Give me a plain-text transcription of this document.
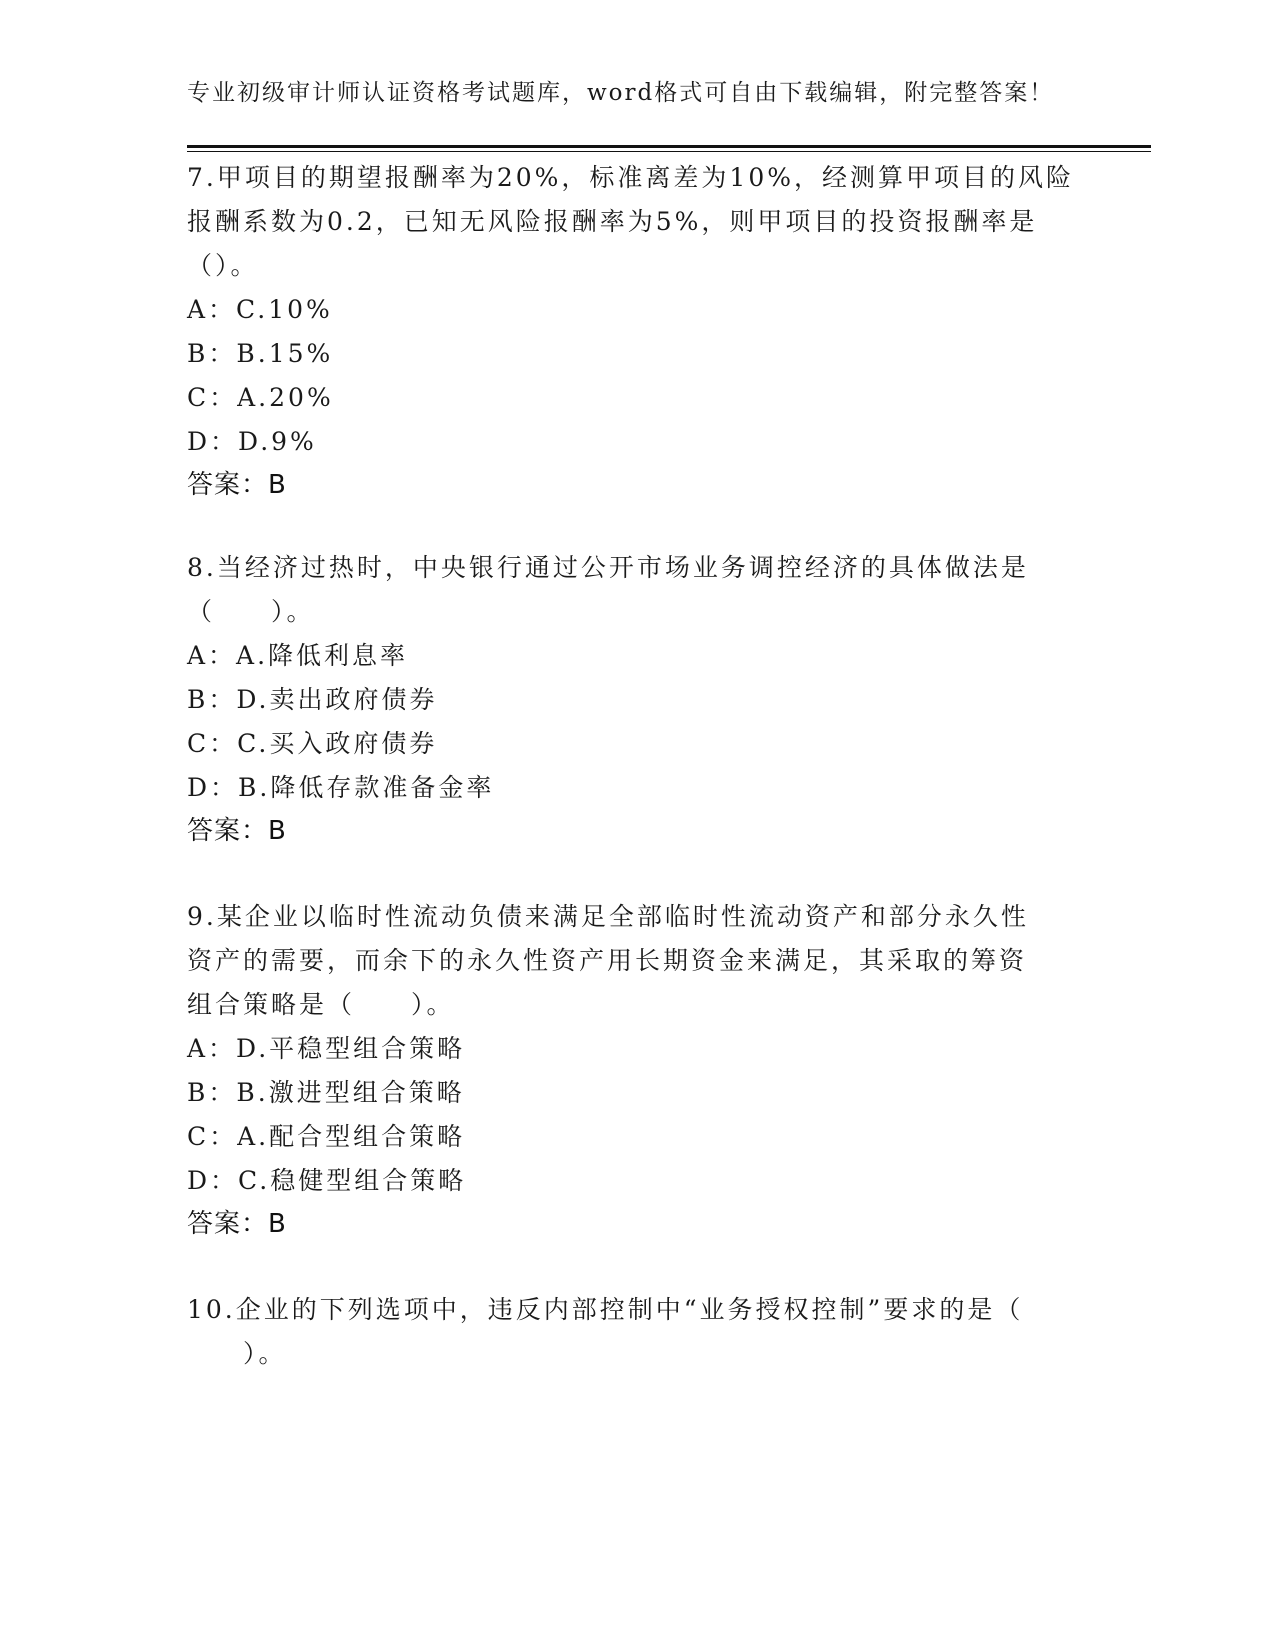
专业初级审计师认证资格考试题库，word格式可自由下载编辑，附完整答案！
7.甲项目的期望报酬率为20%，标准离差为10%，经测算甲项目的风险
报酬系数为0.2，已知无风险报酬率为5%，则甲项目的投资报酬率是
（）。
A：C.10%
B：B.15%
C：A.20%
D：D.9%
答案：B
8.当经济过热时，中央银行通过公开市场业务调控经济的具体做法是
（　　）。
A：A.降低利息率
B：D.卖出政府债券
C：C.买入政府债券
D：B.降低存款准备金率
答案：B
9.某企业以临时性流动负债来满足全部临时性流动资产和部分永久性
资产的需要，而余下的永久性资产用长期资金来满足，其采取的筹资
组合策略是（　　）。
A：D.平稳型组合策略
B：B.激进型组合策略
C：A.配合型组合策略
D：C.稳健型组合策略
答案：B
10.企业的下列选项中，违反内部控制中“业务授权控制”要求的是（
　　）。
